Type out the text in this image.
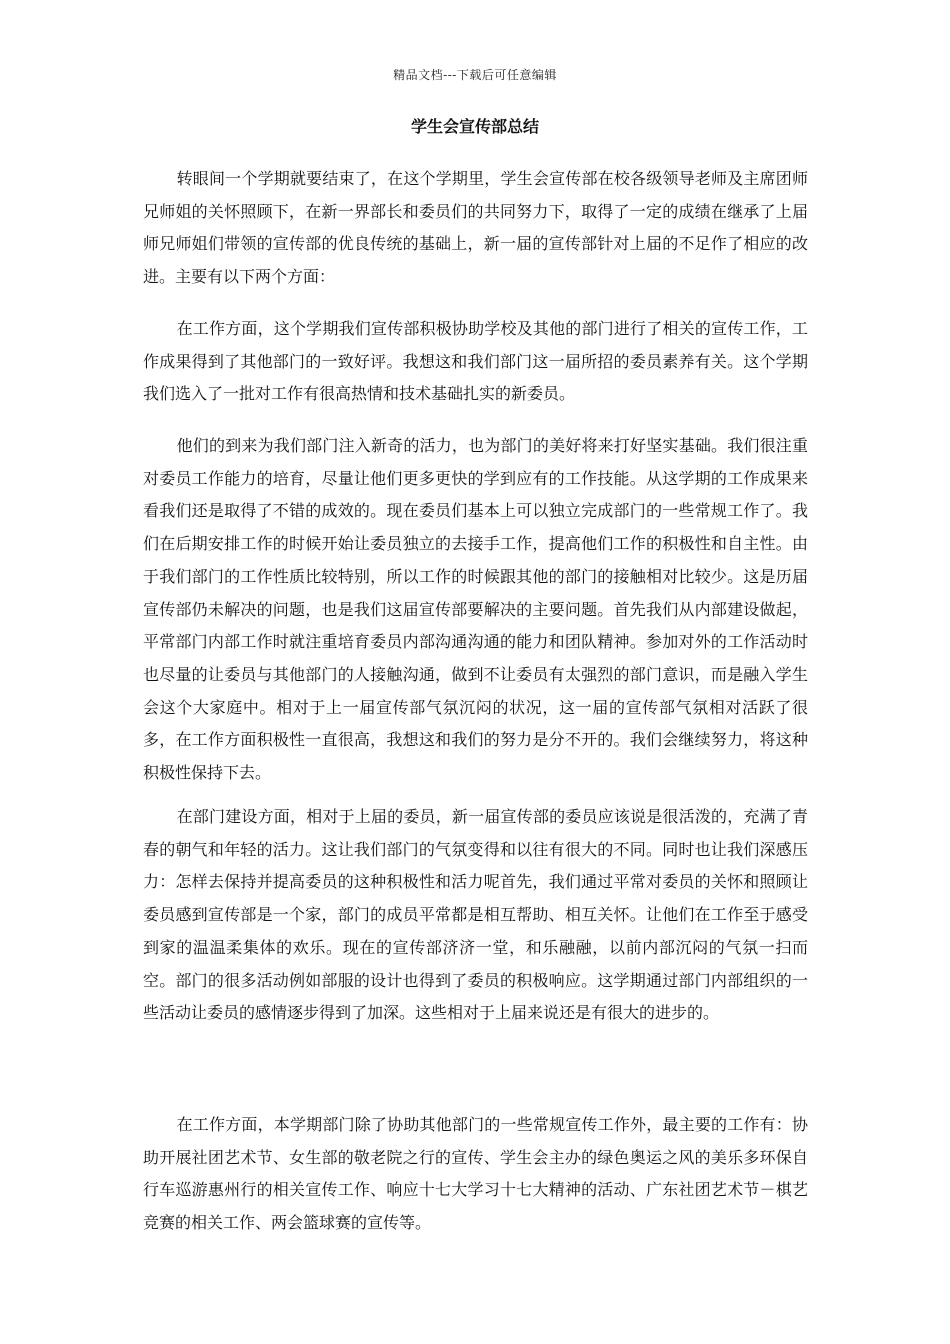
精品文档---下载后可任意编辑
学生会宣传部总结

转眼间一个学期就要结束了，在这个学期里，学生会宣传部在校各级领导老师及主席团师兄师姐的关怀照顾下，在新一界部长和委员们的共同努力下，取得了一定的成绩在继承了上届师兄师姐们带领的宣传部的优良传统的基础上，新一届的宣传部针对上届的不足作了相应的改进。主要有以下两个方面：

在工作方面，这个学期我们宣传部积极协助学校及其他的部门进行了相关的宣传工作，工作成果得到了其他部门的一致好评。我想这和我们部门这一届所招的委员素养有关。这个学期我们选入了一批对工作有很高热情和技术基础扎实的新委员。

他们的到来为我们部门注入新奇的活力，也为部门的美好将来打好坚实基础。我们很注重对委员工作能力的培育，尽量让他们更多更快的学到应有的工作技能。从这学期的工作成果来看我们还是取得了不错的成效的。现在委员们基本上可以独立完成部门的一些常规工作了。我们在后期安排工作的时候开始让委员独立的去接手工作，提高他们工作的积极性和自主性。由于我们部门的工作性质比较特别，所以工作的时候跟其他的部门的接触相对比较少。这是历届宣传部仍未解决的问题，也是我们这届宣传部要解决的主要问题。首先我们从内部建设做起，平常部门内部工作时就注重培育委员内部沟通沟通的能力和团队精神。参加对外的工作活动时也尽量的让委员与其他部门的人接触沟通，做到不让委员有太强烈的部门意识，而是融入学生会这个大家庭中。相对于上一届宣传部气氛沉闷的状况，这一届的宣传部气氛相对活跃了很多，在工作方面积极性一直很高，我想这和我们的努力是分不开的。我们会继续努力，将这种积极性保持下去。

在部门建设方面，相对于上届的委员，新一届宣传部的委员应该说是很活泼的，充满了青春的朝气和年轻的活力。这让我们部门的气氛变得和以往有很大的不同。同时也让我们深感压力：怎样去保持并提高委员的这种积极性和活力呢首先，我们通过平常对委员的关怀和照顾让委员感到宣传部是一个家，部门的成员平常都是相互帮助、相互关怀。让他们在工作至于感受到家的温温柔集体的欢乐。现在的宣传部济济一堂，和乐融融，以前内部沉闷的气氛一扫而空。部门的很多活动例如部服的设计也得到了委员的积极响应。这学期通过部门内部组织的一些活动让委员的感情逐步得到了加深。这些相对于上届来说还是有很大的进步的。

在工作方面，本学期部门除了协助其他部门的一些常规宣传工作外，最主要的工作有：协助开展社团艺术节、女生部的敬老院之行的宣传、学生会主办的绿色奥运之风的美乐多环保自行车巡游惠州行的相关宣传工作、响应十七大学习十七大精神的活动、广东社团艺术节－棋艺竞赛的相关工作、两会篮球赛的宣传等。
